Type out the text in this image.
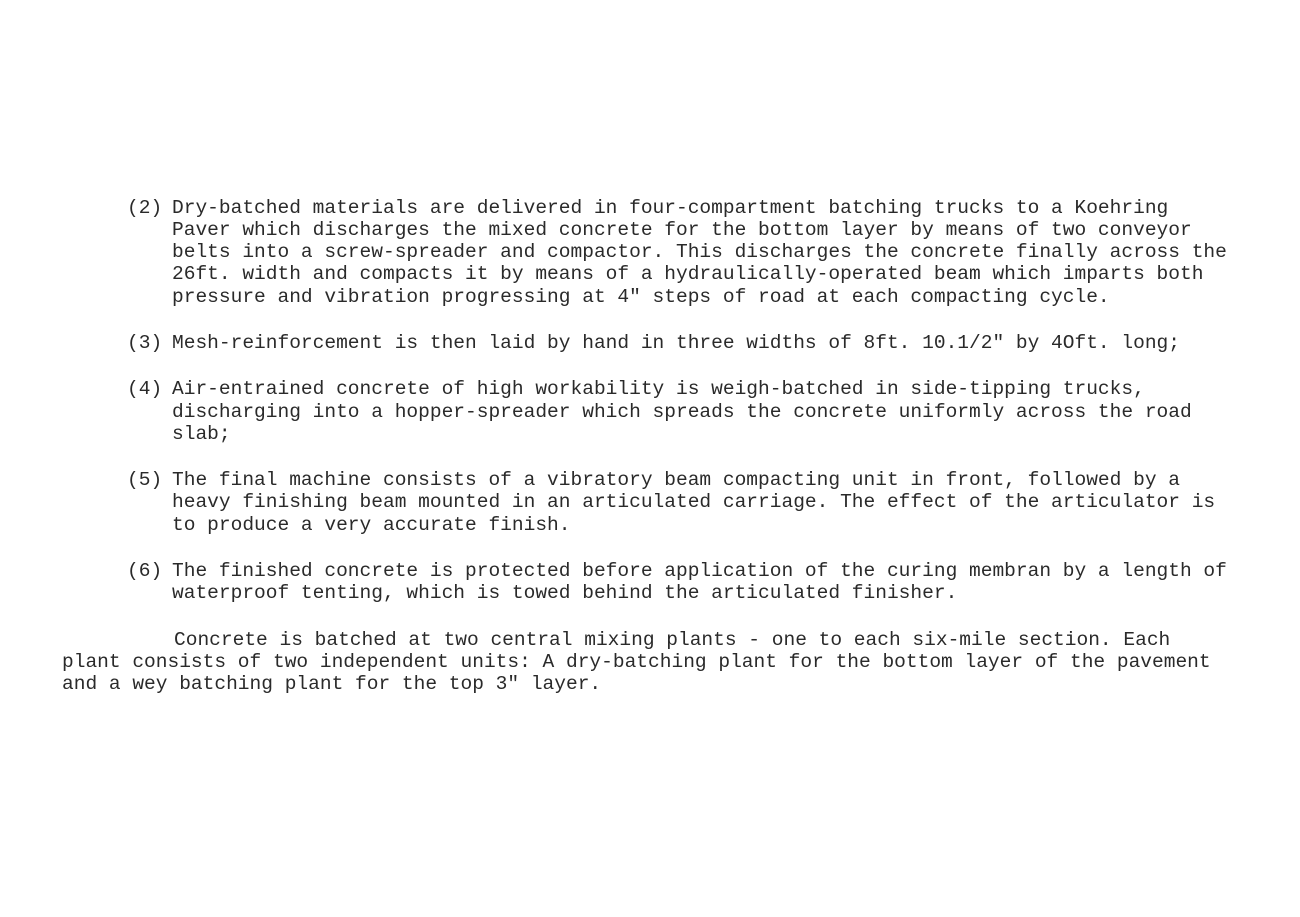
(2) Dry-batched materials are delivered in four-compartment batching trucks to a Koehring

Paver which discharges the mixed concrete for the bottom layer by means of two conveyor

belts into a screw-spreader and compactor. This discharges the concrete finally across the

26ft. width and compacts it by means of a hydraulically-operated beam which imparts both

pressure and vibration progressing at 4" steps of road at each compacting cycle.

(3) Mesh-reinforcement is then laid by hand in three widths of 8ft. 10.1/2" by 4Oft. long;

(4) Air-entrained concrete of high workability is weigh-batched in side-tipping trucks,

discharging into a hopper-spreader which spreads the concrete uniformly across the road

slab;

(5) The final machine consists of a vibratory beam compacting unit in front, followed by a

heavy finishing beam mounted in an articulated carriage. The effect of the articulator is

to produce a very accurate finish.

(6) The finished concrete is protected before application of the curing membran by a length of

waterproof tenting, which is towed behind the articulated finisher.

Concrete is batched at two central mixing plants - one to each six-mile section. Each

plant consists of two independent units: A dry-batching plant for the bottom layer of the pavement

and a wey batching plant for the top 3" layer.
